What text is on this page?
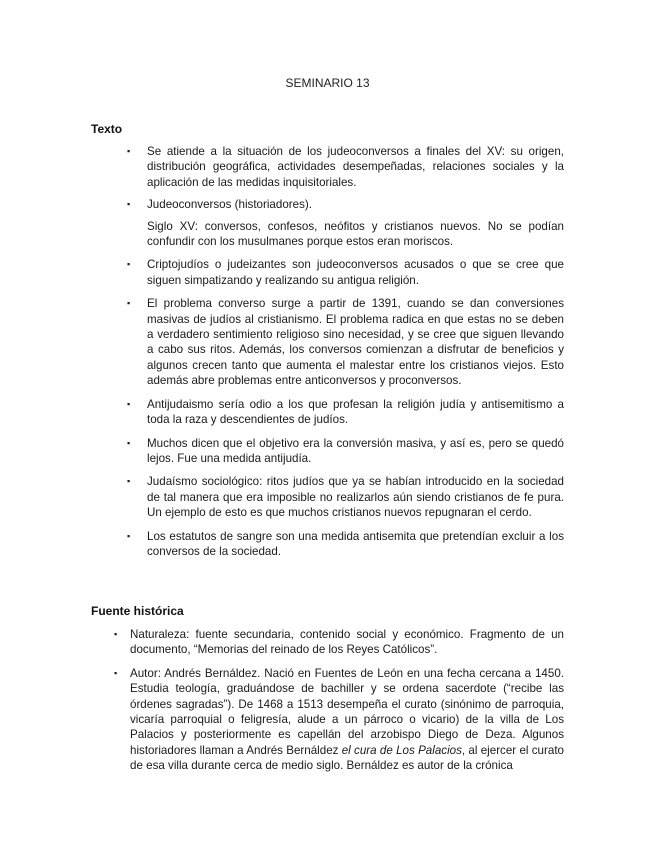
SEMINARIO 13
Texto
▪ Se atiende a la situación de los judeoconversos a finales del XV: su origen, distribución geográfica, actividades desempeñadas, relaciones sociales y la aplicación de las medidas inquisitoriales.
▪ Judeoconversos (historiadores).
Siglo XV: conversos, confesos, neófitos y cristianos nuevos. No se podían confundir con los musulmanes porque estos eran moriscos.
▪ Criptojudíos o judeizantes son judeoconversos acusados o que se cree que siguen simpatizando y realizando su antigua religión.
▪ El problema converso surge a partir de 1391, cuando se dan conversiones masivas de judíos al cristianismo. El problema radica en que estas no se deben a verdadero sentimiento religioso sino necesidad, y se cree que siguen llevando a cabo sus ritos. Además, los conversos comienzan a disfrutar de beneficios y algunos crecen tanto que aumenta el malestar entre los cristianos viejos. Esto además abre problemas entre anticonversos y proconversos.
▪ Antijudaismo sería odio a los que profesan la religión judía y antisemitismo a toda la raza y descendientes de judíos.
▪ Muchos dicen que el objetivo era la conversión masiva, y así es, pero se quedó lejos. Fue una medida antijudía.
▪ Judaísmo sociológico: ritos judíos que ya se habían introducido en la sociedad de tal manera que era imposible no realizarlos aún siendo cristianos de fe pura. Un ejemplo de esto es que muchos cristianos nuevos repugnaran el cerdo.
▪ Los estatutos de sangre son una medida antisemita que pretendían excluir a los conversos de la sociedad.
Fuente histórica
▪ Naturaleza: fuente secundaria, contenido social y económico. Fragmento de un documento, “Memorias del reinado de los Reyes Católicos”.
▪ Autor: Andrés Bernáldez. Nació en Fuentes de León en una fecha cercana a 1450. Estudia teología, graduándose de bachiller y se ordena sacerdote (“recibe las órdenes sagradas”). De 1468 a 1513 desempeña el curato (sinónimo de parroquia, vicaría parroquial o feligresía, alude a un párroco o vicario) de la villa de Los Palacios y posteriormente es capellán del arzobispo Diego de Deza. Algunos historiadores llaman a Andrés Bernáldez el cura de Los Palacios, al ejercer el curato de esa villa durante cerca de medio siglo. Bernáldez es autor de la crónica
